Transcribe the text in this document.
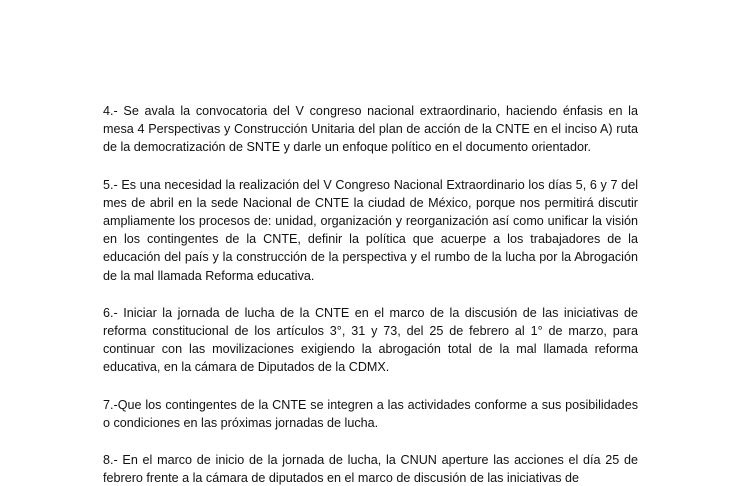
4.- Se avala la convocatoria del V congreso nacional extraordinario, haciendo énfasis en la mesa 4 Perspectivas y Construcción Unitaria del plan de acción de la CNTE en el inciso A) ruta de la democratización de SNTE y darle un enfoque político en el documento orientador.

5.- Es una necesidad la realización del V Congreso Nacional Extraordinario los días 5, 6 y 7 del mes de abril en la sede Nacional de CNTE la ciudad de México, porque nos permitirá discutir ampliamente los procesos de: unidad, organización y reorganización así como unificar la visión en los contingentes de la CNTE, definir la política que acuerpe a los trabajadores de la educación del país y la construcción de la perspectiva y el rumbo de la lucha por la Abrogación de la mal llamada Reforma educativa.

6.- Iniciar la jornada de lucha de la CNTE en el marco de la discusión de las iniciativas de reforma constitucional de los artículos 3°, 31 y 73, del 25 de febrero al 1° de marzo, para continuar con las movilizaciones exigiendo la abrogación total de la mal llamada reforma educativa, en la cámara de Diputados de la CDMX.

7.-Que los contingentes de la CNTE se integren a las actividades conforme a sus posibilidades o condiciones en las próximas jornadas de lucha.

8.- En el marco de inicio de la jornada de lucha, la CNUN aperture las acciones el día 25 de febrero frente a la cámara de diputados en el marco de discusión de las iniciativas de
